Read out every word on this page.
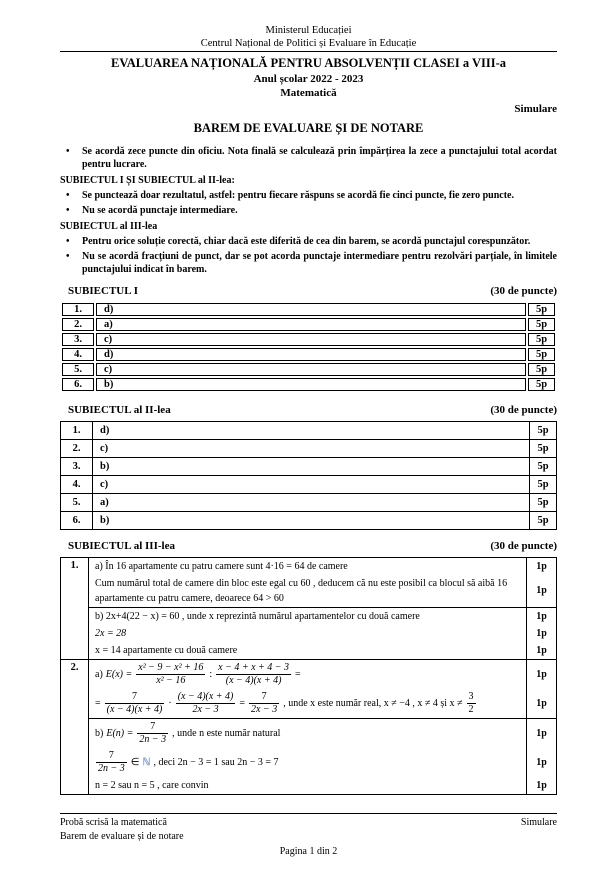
Ministerul Educației
Centrul Național de Politici și Evaluare în Educație
EVALUAREA NAȚIONALĂ PENTRU ABSOLVENȚII CLASEI a VIII-a
Anul școlar 2022 - 2023
Matematică
Simulare
BAREM DE EVALUARE ȘI DE NOTARE
•	Se acordă zece puncte din oficiu. Nota finală se calculează prin împărțirea la zece a punctajului total acordat pentru lucrare.
SUBIECTUL I ȘI SUBIECTUL al II-lea:
•	Se punctează doar rezultatul, astfel: pentru fiecare răspuns se acordă fie cinci puncte, fie zero puncte.
•	Nu se acordă punctaje intermediare.
SUBIECTUL al III-lea
•	Pentru orice soluție corectă, chiar dacă este diferită de cea din barem, se acordă punctajul corespunzător.
•	Nu se acordă fracțiuni de punct, dar se pot acorda punctaje intermediare pentru rezolvări parțiale, în limitele punctajului indicat în barem.
SUBIECTUL I	(30 de puncte)
1.	d)	5p
2.	a)	5p
3.	c)	5p
4.	d)	5p
5.	c)	5p
6.	b)	5p
SUBIECTUL al II-lea	(30 de puncte)
1.	d)	5p
2.	c)	5p
3.	b)	5p
4.	c)	5p
5.	a)	5p
6.	b)	5p
SUBIECTUL al III-lea	(30 de puncte)
1.	a) În 16 apartamente cu patru camere sunt 4·16 = 64 de camere	1p
Cum numărul total de camere din bloc este egal cu 60 , deducem că nu este posibil ca blocul să aibă 16 apartamente cu patru camere, deoarece 64 > 60
1p
b) 2x+4(22 − x) = 60 , unde x reprezintă numărul apartamentelor cu două camere	1p
2x = 28	1p
x = 14 apartamente cu două camere	1p

2.	
a) $E(x) = \frac{\text{x² − 9 − x² + 16}}{\text{x² − 16}}$ : $\frac{x - 4 + x + 4 - 3}{(x - 4)(x + 4)}$ =	1p
= $\frac{7}{(x - 4)(x + 4)} \cdot \frac{(x - 4)(x + 4)}{2x - 3} = \frac{7}{2x - 3}$ , unde x este număr real, x ≠ −4 , x ≠ 4 și $x \ne \frac{3}{2}$	1p
b) $E(n) = \frac{7}{2n - 3}$ , unde n este număr natural	1p
$\frac{7}{2n - 3}$ ∈ ℕ , deci 2n − 3 = 1 sau 2n − 3 = 7	1p
n = 2 sau n = 5 , care convin	1p
Probă scrisă la matematică	Simulare
Barem de evaluare și de notare
Pagina 1 din 2
